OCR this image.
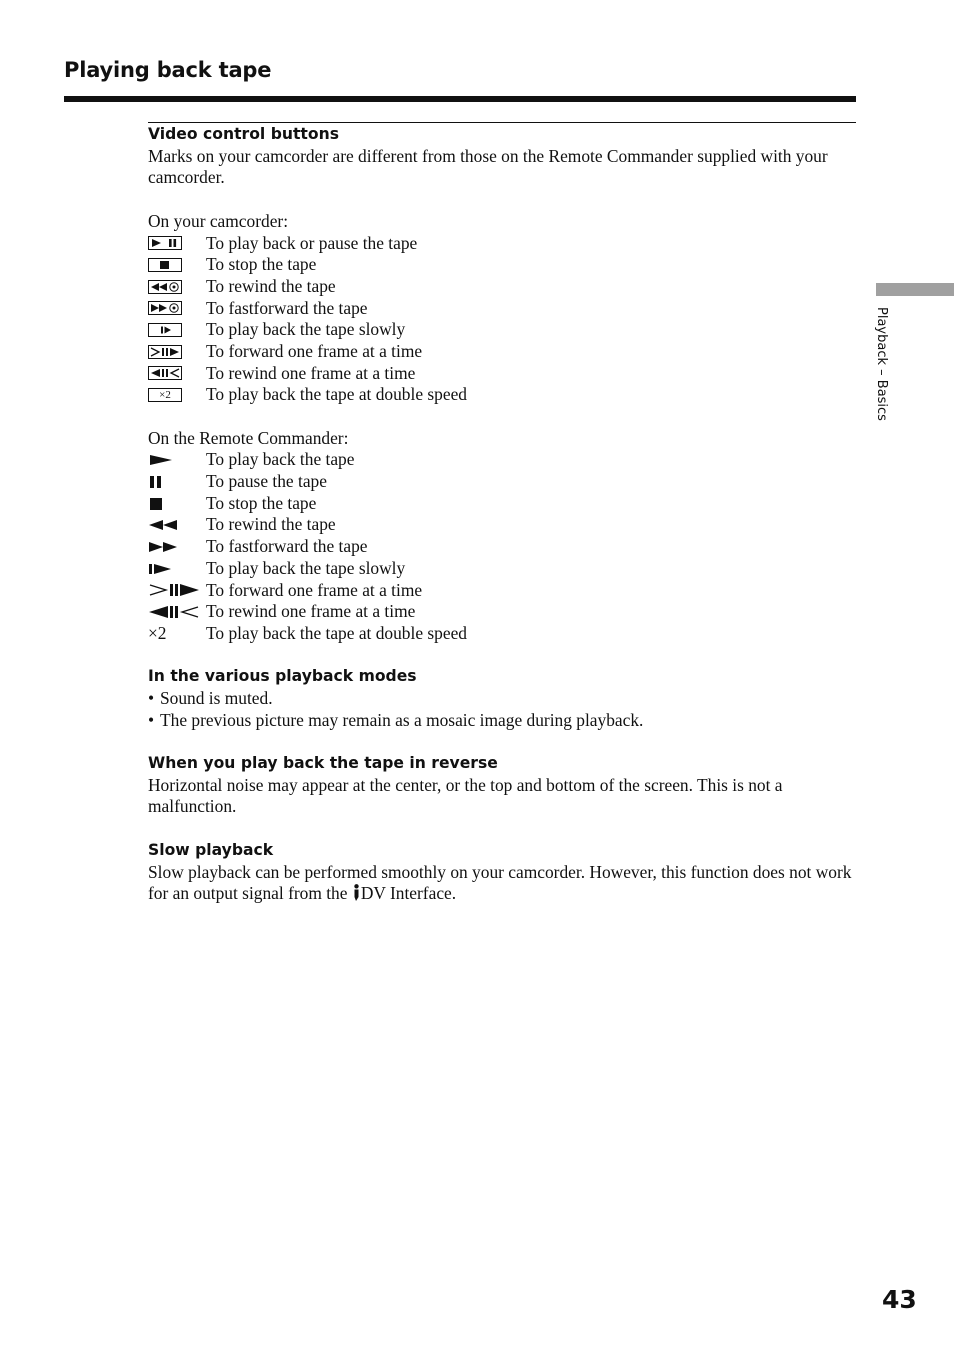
Playing back tape
Playback – Basics
Video control buttons

Marks on your camcorder are different from those on the Remote Commander supplied with your camcorder.

On your camcorder:
To play back or pause the tape
To stop the tape
To rewind the tape
To fastforward the tape
To play back the tape slowly
To forward one frame at a time
To rewind one frame at a time
×2	To play back the tape at double speed
On the Remote Commander:
To play back the tape
To pause the tape
To stop the tape
To rewind the tape
To fastforward the tape
To play back the tape slowly
To forward one frame at a time
To rewind one frame at a time
×2 To play back the tape at double speed
In the various playback modes
• Sound is muted.
• The previous picture may remain as a mosaic image during playback.
When you play back the tape in reverse

Horizontal noise may appear at the center, or the top and bottom of the screen. This is not a malfunction.

Slow playback

Slow playback can be performed smoothly on your camcorder. However, this function does not work for an output signal from the DV Interface.

43
